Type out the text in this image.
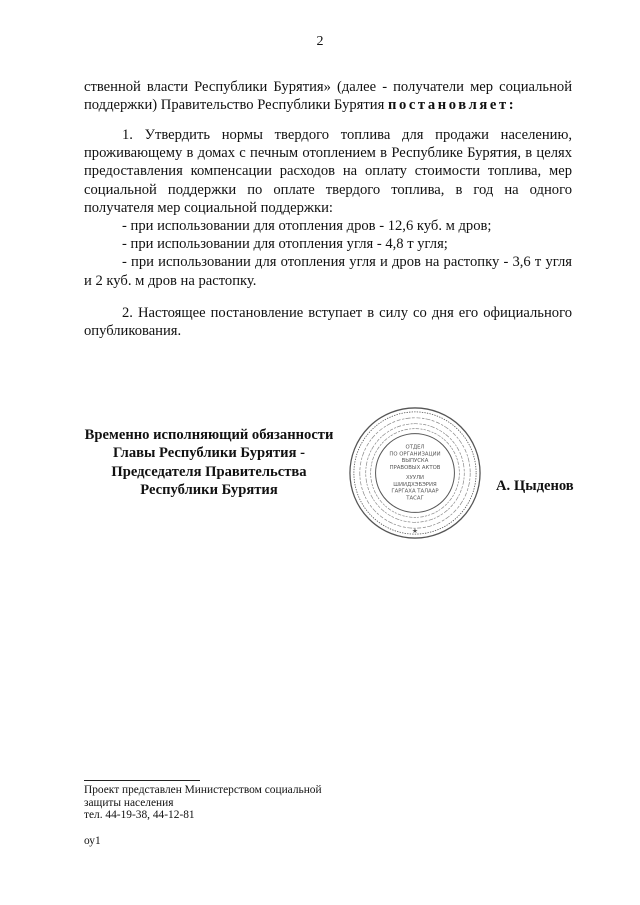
2
ственной власти Республики Бурятия» (далее - получатели мер социальной поддержки) Правительство Республики Бурятия постановляет:
1. Утвердить нормы твердого топлива для продажи населению, проживающему в домах с печным отоплением в Республике Бурятия, в целях предоставления компенсации расходов на оплату стоимости топлива, мер социальной поддержки по оплате твердого топлива, в год на одного получателя мер социальной поддержки:
- при использовании для отопления дров - 12,6 куб. м дров;
- при использовании для отопления угля - 4,8 т угля;
- при использовании для отопления угля и дров на растопку - 3,6 т угля и 2 куб. м дров на растопку.
2. Настоящее постановление вступает в силу со дня его официального опубликования.
Временно исполняющий обязанности
Главы Республики Бурятия -
Председателя Правительства
Республики Бурятия
ОТДЕЛ
ПО ОРГАНИЗАЦИИ
ВЫПУСКА
ПРАВОВЫХ АКТОВ
ХУУЛИ
ШИИДХЭБЭРИЯ
ГАРГАХА ТАЛААР
ТАСАГ
★
А. Цыденов
Проект представлен Министерством социальной
защиты населения
тел. 44-19-38, 44-12-81
оу1
